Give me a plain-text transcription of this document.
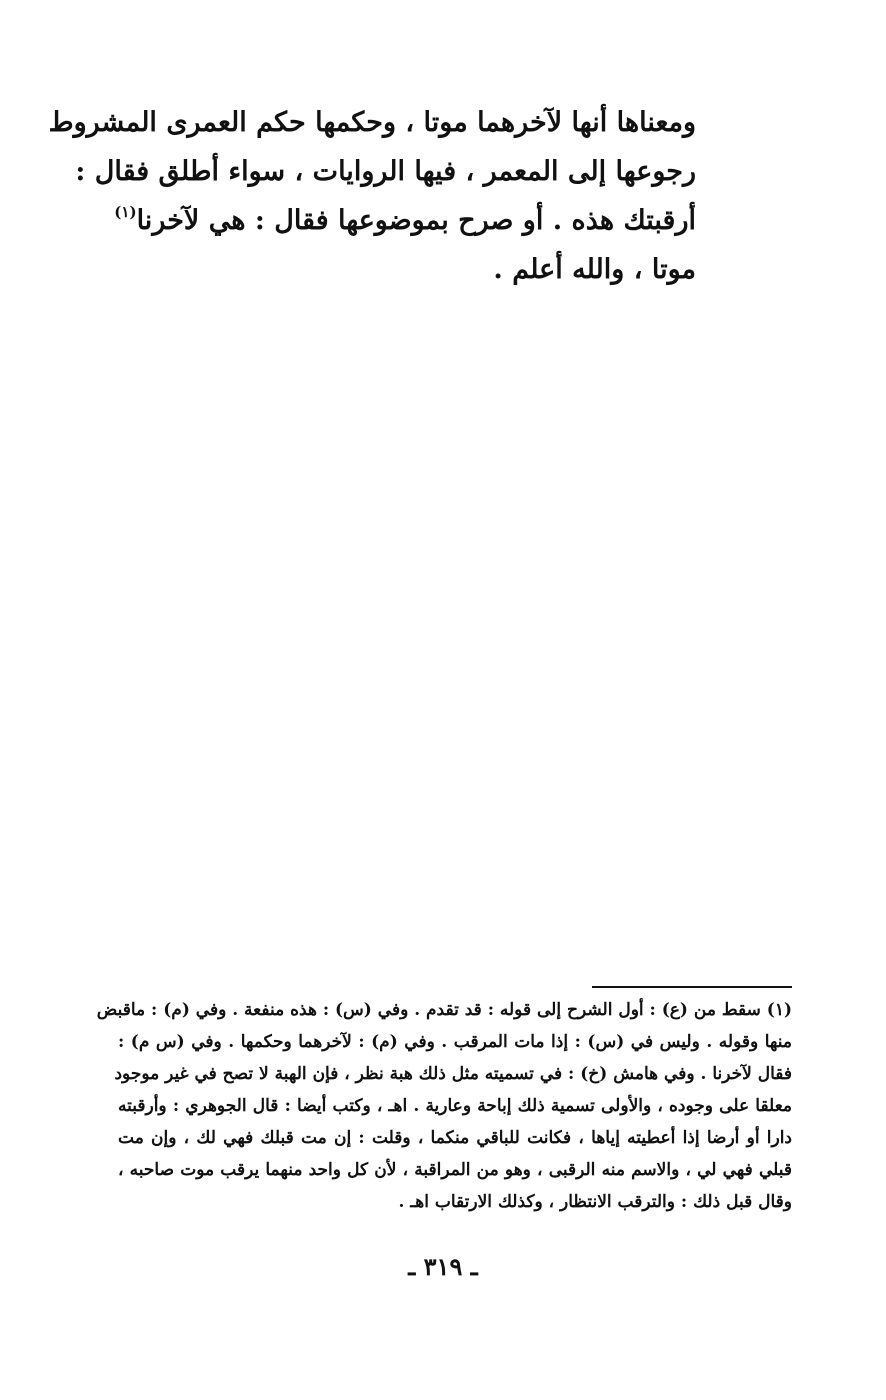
ومعناها أنها لآخرهما موتا ، وحكمها حكم العمرى المشروط
رجوعها إلى المعمر ، فيها الروايات ، سواء أطلق فقال :
أرقبتك هذه . أو صرح بموضوعها فقال : هي لآخرنا$^{(١)}$
موتا ، والله أعلم .
(١) سقط من (ع) : أول الشرح إلى قوله : قد تقدم . وفي (س) : هذه منفعة . وفي (م) : ماقبض
منها وقوله . وليس في (س) : إذا مات المرقب . وفي (م) : لآخرهما وحكمها . وفي (س م) :
فقال لآخرنا . وفي هامش (خ) : في تسميته مثل ذلك هبة نظر ، فإن الهبة لا تصح في غير موجود
معلقا على وجوده ، والأولى تسمية ذلك إباحة وعارية . اهـ ، وكتب أيضا : قال الجوهري : وأرقبته
دارا أو أرضا إذا أعطيته إياها ، فكانت للباقي منكما ، وقلت : إن مت قبلك فهي لك ، وإن مت
قبلي فهي لي ، والاسم منه الرقبى ، وهو من المراقبة ، لأن كل واحد منهما يرقب موت صاحبه ،
وقال قبل ذلك : والترقب الانتظار ، وكذلك الارتقاب اهـ .
ـ ٣١٩ ـ
